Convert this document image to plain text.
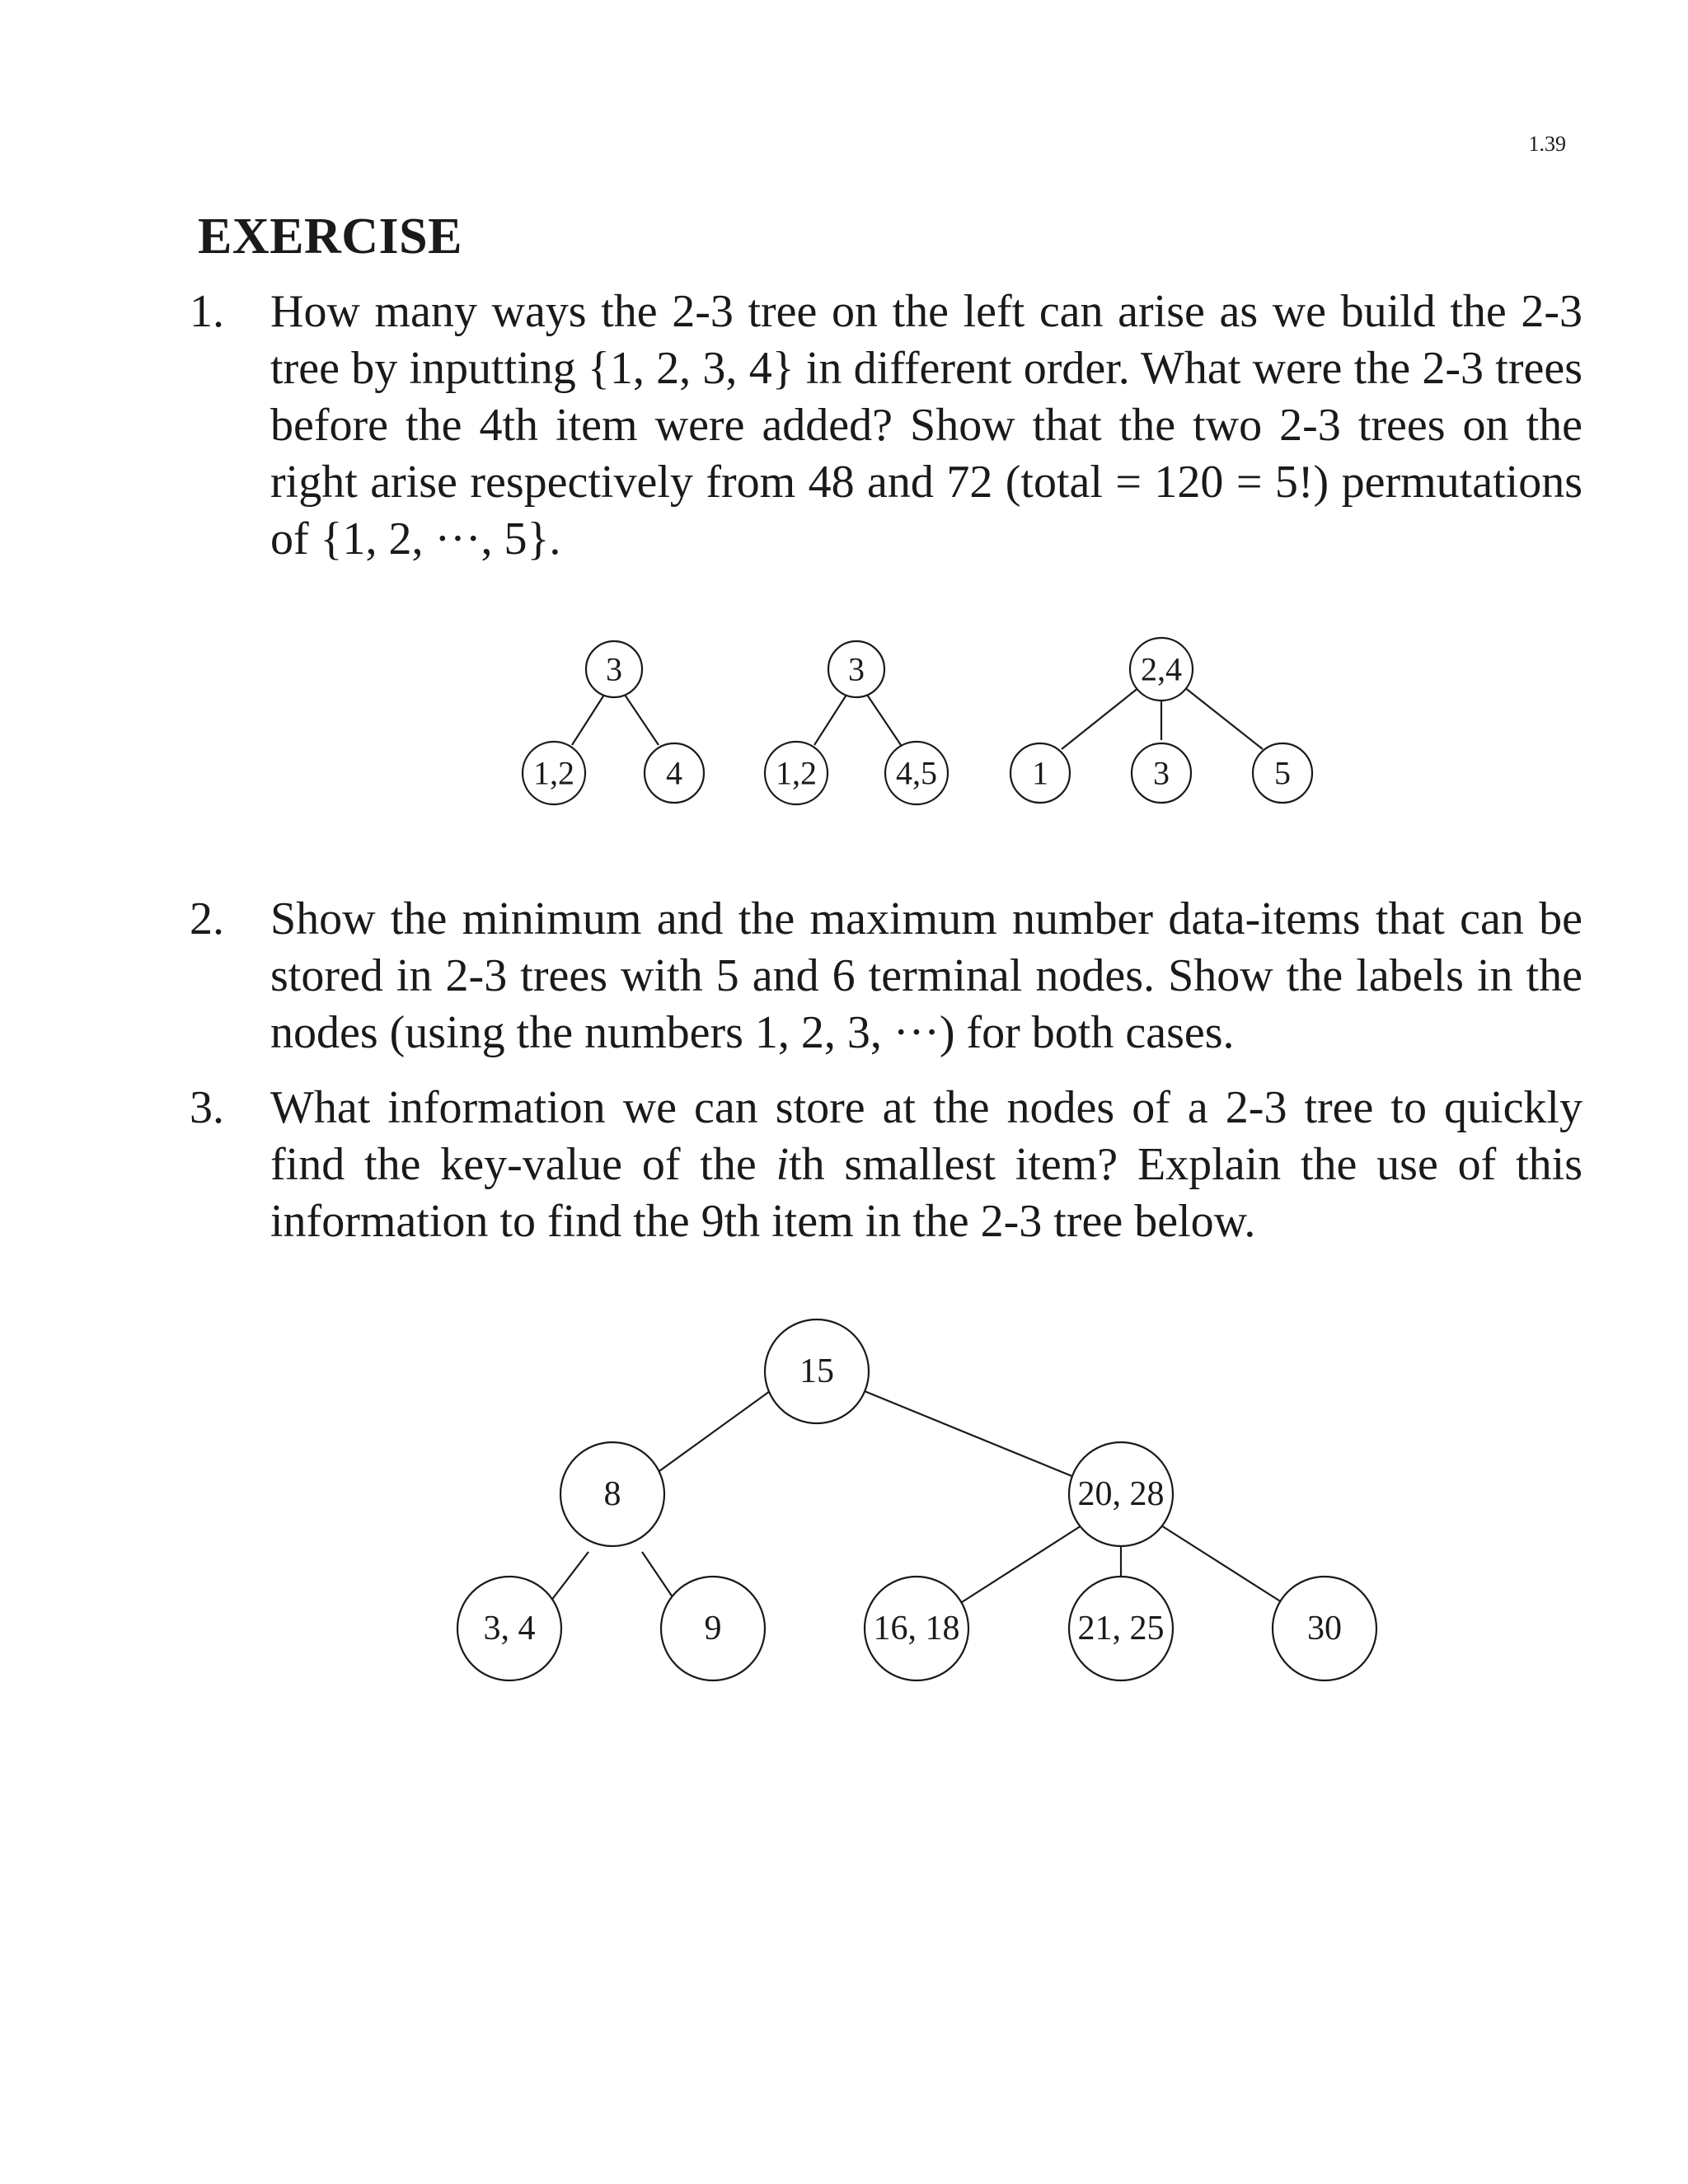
1.39
EXERCISE
1. How many ways the 2-3 tree on the left can arise as we build the 2-3 tree by inputting {1, 2, 3, 4} in different order. What were the 2-3 trees before the 4th item were added? Show that the two 2-3 trees on the right arise respectively from 48 and 72 (total = 120 = 5!) permutations of {1, 2, ···, 5}.
2. Show the minimum and the maximum number data-items that can be stored in 2-3 trees with 5 and 6 terminal nodes. Show the labels in the nodes (using the numbers 1, 2, 3, ···) for both cases.
3. What information we can store at the nodes of a 2-3 tree to quickly find the key-value of the ith smallest item? Explain the use of this information to find the 9th item in the 2-3 tree below.
3
1,2	4
3
1,2 4,5
2,4
1	3	5
15
8	20, 28
3, 4	9	16, 18	21, 25	30
